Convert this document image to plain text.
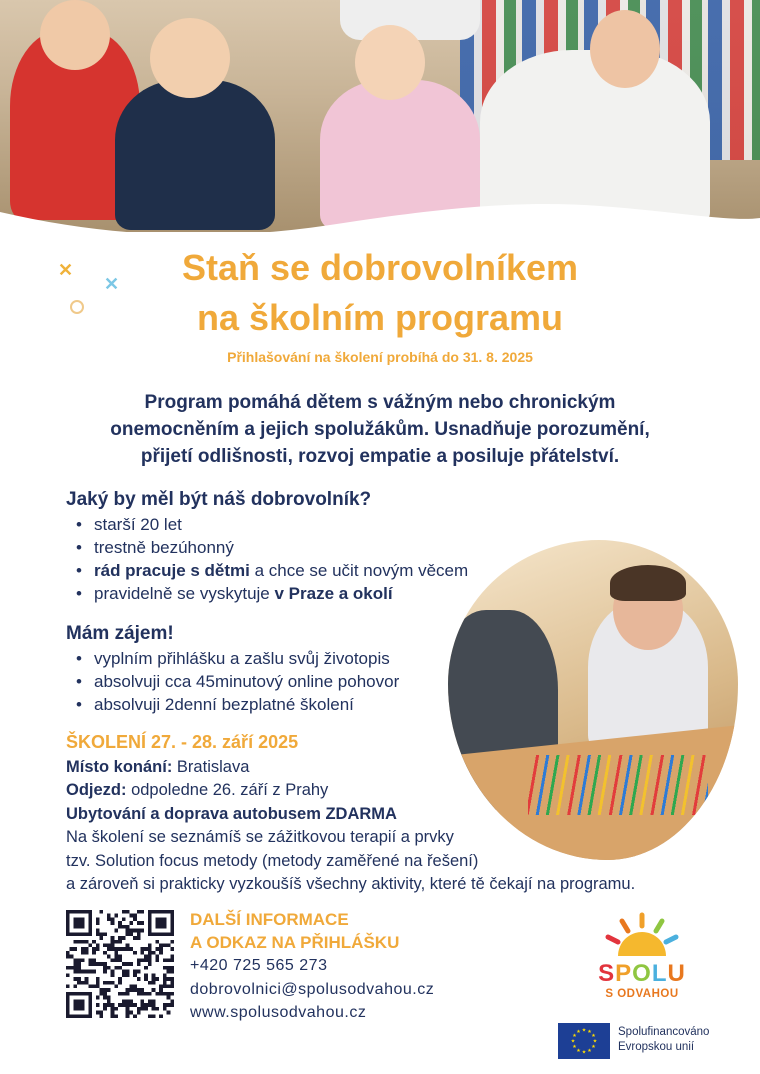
✕
✕	Staň se dobrovolníkem
na školním programu
Přihlašování na školení probíhá do 31. 8. 2025
Program pomáhá dětem s vážným nebo chronickým
onemocněním a jejich spolužákům. Usnadňuje porozumění,
přijetí odlišnosti, rozvoj empatie a posiluje přátelství.
Jaký by měl být náš dobrovolník?
• starší 20 let
• trestně bezúhonný
• rád pracuje s dětmi a chce se učit novým věcem
• pravidelně se vyskytuje v Praze a okolí
Mám zájem!
• vyplním přihlášku a zašlu svůj životopis
• absolvuji cca 45minutový online pohovor
• absolvuji 2denní bezplatné školení
ŠKOLENÍ 27. - 28. září 2025
Místo konání: Bratislava
Odjezd: odpoledne 26. září z Prahy
Ubytování a doprava autobusem ZDARMA
Na školení se seznámíš se zážitkovou terapií a prvky
tzv. Solution focus metody (metody zaměřené na řešení)
a zároveň si prakticky vyzkoušíš všechny aktivity, které tě čekají na programu.
DALŠÍ INFORMACE
A ODKAZ NA PŘIHLÁŠKU
+420 725 565 273
dobrovolnici@spolusodvahou.cz
www.spolusodvahou.cz
SPOLU
S ODVAHOU
★
★
★
★
★
★
★
★
★ ★ ★
★ Spolufinancováno
Evropskou unií
